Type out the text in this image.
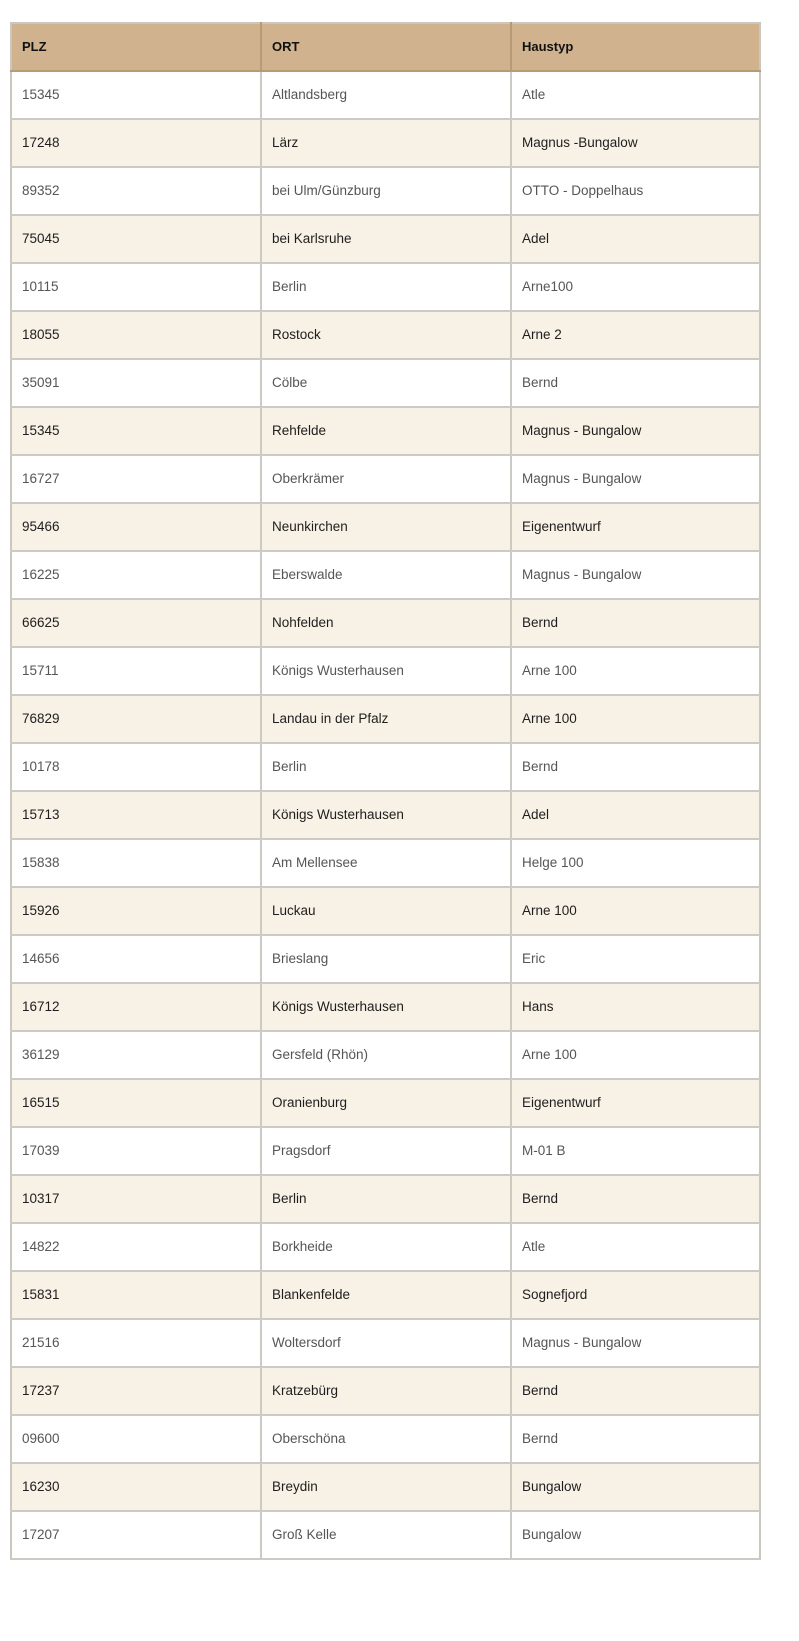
PLZ	ORT	Haustyp
15345	Altlandsberg	Atle
17248	Lärz	Magnus -Bungalow
89352	bei Ulm/Günzburg	OTTO - Doppelhaus
75045	bei Karlsruhe	Adel
10115	Berlin	Arne100
18055	Rostock	Arne 2
35091	Cölbe	Bernd
15345	Rehfelde	Magnus - Bungalow
16727	Oberkrämer	Magnus - Bungalow
95466	Neunkirchen	Eigenentwurf
16225	Eberswalde	Magnus - Bungalow
66625	Nohfelden	Bernd
15711	Königs Wusterhausen	Arne 100
76829	Landau in der Pfalz	Arne 100
10178	Berlin	Bernd
15713	Königs Wusterhausen	Adel
15838	Am Mellensee	Helge 100
15926	Luckau	Arne 100
14656	Brieslang	Eric
16712	Königs Wusterhausen	Hans
36129	Gersfeld (Rhön)	Arne 100
16515	Oranienburg	Eigenentwurf
17039	Pragsdorf	M-01 B
10317	Berlin	Bernd
14822	Borkheide	Atle
15831	Blankenfelde	Sognefjord
21516	Woltersdorf	Magnus - Bungalow
17237	Kratzebürg	Bernd
09600	Oberschöna	Bernd
16230	Breydin	Bungalow
17207	Groß Kelle	Bungalow
